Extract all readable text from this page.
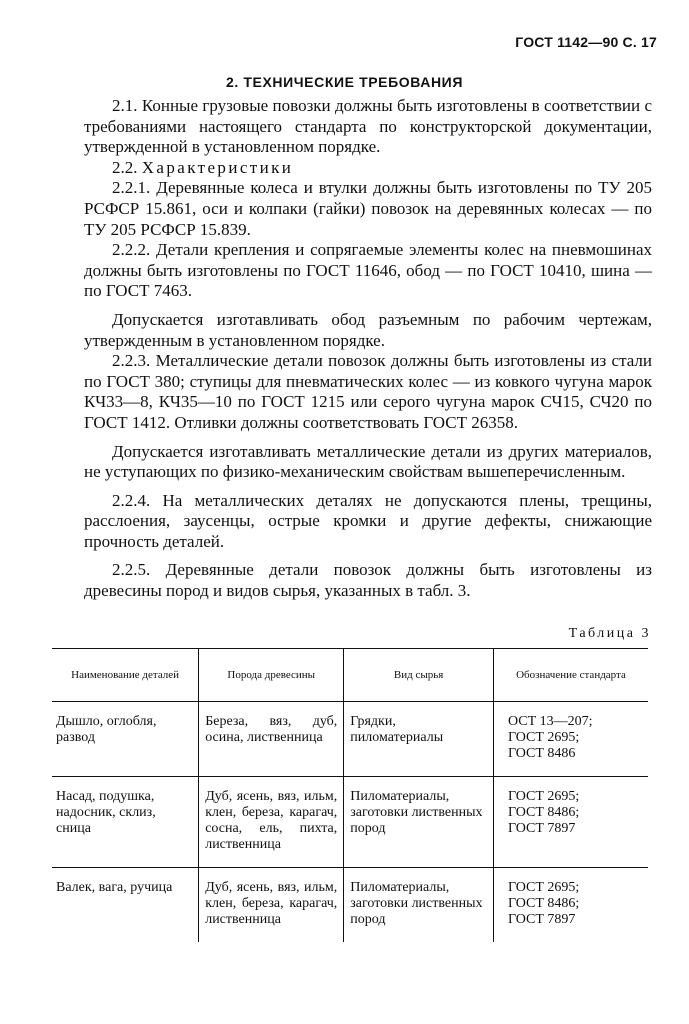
ГОСТ 1142—90 С. 17
2. ТЕХНИЧЕСКИЕ ТРЕБОВАНИЯ

2.1. Конные грузовые повозки должны быть изготовлены в соответствии с требованиями настоящего стандарта по конструкторской документации, утвержденной в установленном порядке.

2.2. Характеристики

2.2.1. Деревянные колеса и втулки должны быть изготовлены по ТУ 205 РСФСР 15.861, оси и колпаки (гайки) повозок на деревянных колесах — по ТУ 205 РСФСР 15.839.

2.2.2. Детали крепления и сопрягаемые элементы колес на пневмошинах должны быть изготовлены по ГОСТ 11646, обод — по ГОСТ 10410, шина — по ГОСТ 7463.

Допускается изготавливать обод разъемным по рабочим чертежам, утвержденным в установленном порядке.

2.2.3. Металлические детали повозок должны быть изготовлены из стали по ГОСТ 380; ступицы для пневматических колес — из ковкого чугуна марок КЧ33—8, КЧ35—10 по ГОСТ 1215 или серого чугуна марок СЧ15, СЧ20 по ГОСТ 1412. Отливки должны соответствовать ГОСТ 26358.

Допускается изготавливать металлические детали из других материалов, не уступающих по физико-механическим свойствам вышеперечисленным.

2.2.4. На металлических деталях не допускаются плены, трещины, расслоения, заусенцы, острые кромки и другие дефекты, снижающие прочность деталей.

2.2.5. Деревянные детали повозок должны быть изготовлены из древесины пород и видов сырья, указанных в табл. 3.

Таблица 3
Наименование деталей	Порода древесины	Вид сырья	Обозначение стандарта
Дышло, оглобля, развод	Береза, вяз, дуб, осина, лиственница	Грядки, пиломатериалы	ОСТ 13—207;
ГОСТ 2695;
ГОСТ 8486

Насад, подушка, надосник, склиз, сница	Дуб, ясень, вяз, ильм, клен, береза, карагач, сосна, ель, пихта, лиственница	Пиломатериалы, заготовки лиственных пород	ГОСТ 2695;
ГОСТ 8486;
ГОСТ 7897

Валек, вага, ручица	Дуб, ясень, вяз, ильм, клен, береза, карагач, лиственница	Пиломатериалы, заготовки лиственных пород	ГОСТ 2695;
ГОСТ 8486;
ГОСТ 7897
